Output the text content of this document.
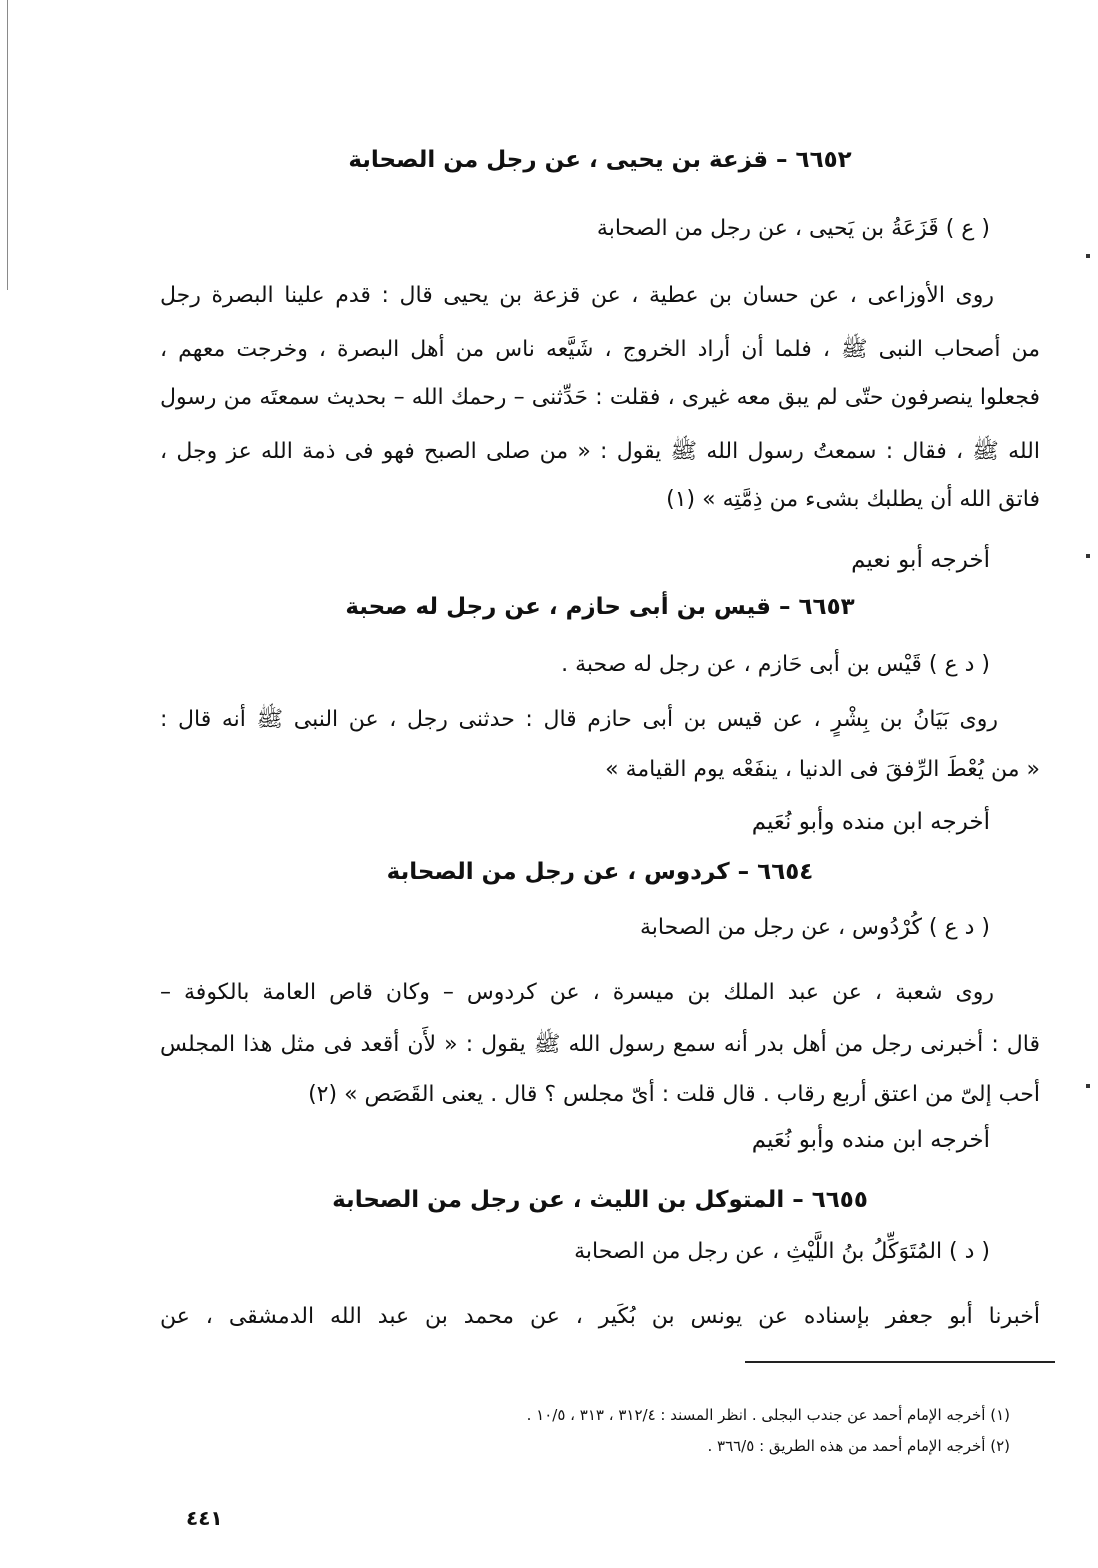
٦٦٥٢ – قزعة بن يحيى ، عن رجل من الصحابة
( ع ) قَزَعَةُ بن يَحيى ، عن رجل من الصحابة
روى الأوزاعى ، عن حسان بن عطية ، عن قزعة بن يحيى قال : قدم علينا البصرة رجل
من أصحاب النبى ﷺ ، فلما أن أراد الخروج ، شَيَّعه ناس من أهل البصرة ، وخرجت معهم ،
فجعلوا ينصرفون حتّى لم يبق معه غيرى ، فقلت : حَدِّثنى – رحمك الله – بحديث سمعتَه من رسول
الله ﷺ ، فقال : سمعتُ رسول الله ﷺ يقول : « من صلى الصبح فهو فى ذمة الله عز وجل ،
فاتق الله أن يطلبك بشىء من ذِمَّتِه » (١)
أخرجه أبو نعيم
٦٦٥٣ – قيس بن أبى حازم ، عن رجل له صحبة
( د ع ) قَيْس بن أبى حَازم ، عن رجل له صحبة .
روى بَيَانُ بن بِشْرٍ ، عن قيس بن أبى حازم قال : حدثنى رجل ، عن النبى ﷺ أنه قال :
« من يُعْطَ الرِّفقَ فى الدنيا ، ينفَعْه يوم القيامة »
أخرجه ابن منده وأبو نُعَيم
٦٦٥٤ – كردوس ، عن رجل من الصحابة
( د ع ) كُرْدُوس ، عن رجل من الصحابة
روى شعبة ، عن عبد الملك بن ميسرة ، عن كردوس – وكان قاص العامة بالكوفة –
قال : أخبرنى رجل من أهل بدر أنه سمع رسول الله ﷺ يقول : « لأَن أقعد فى مثل هذا المجلس
أحب إلىّ من اعتق أربع رقاب . قال قلت : أىّ مجلس ؟ قال . يعنى القَصَص » (٢)
أخرجه ابن منده وأبو نُعَيم
٦٦٥٥ – المتوكل بن الليث ، عن رجل من الصحابة
( د ) المُتَوَكِّلُ بنُ اللَّيْثِ ، عن رجل من الصحابة
أخبرنا أبو جعفر بإسناده عن يونس بن بُكَير ، عن محمد بن عبد الله الدمشقى ، عن
(١) أخرجه الإمام أحمد عن جندب البجلى . انظر المسند : ٣١٢/٤ ، ٣١٣ ، ١٠/٥ .
(٢) أخرجه الإمام أحمد من هذه الطريق : ٣٦٦/٥ .
٤٤١
